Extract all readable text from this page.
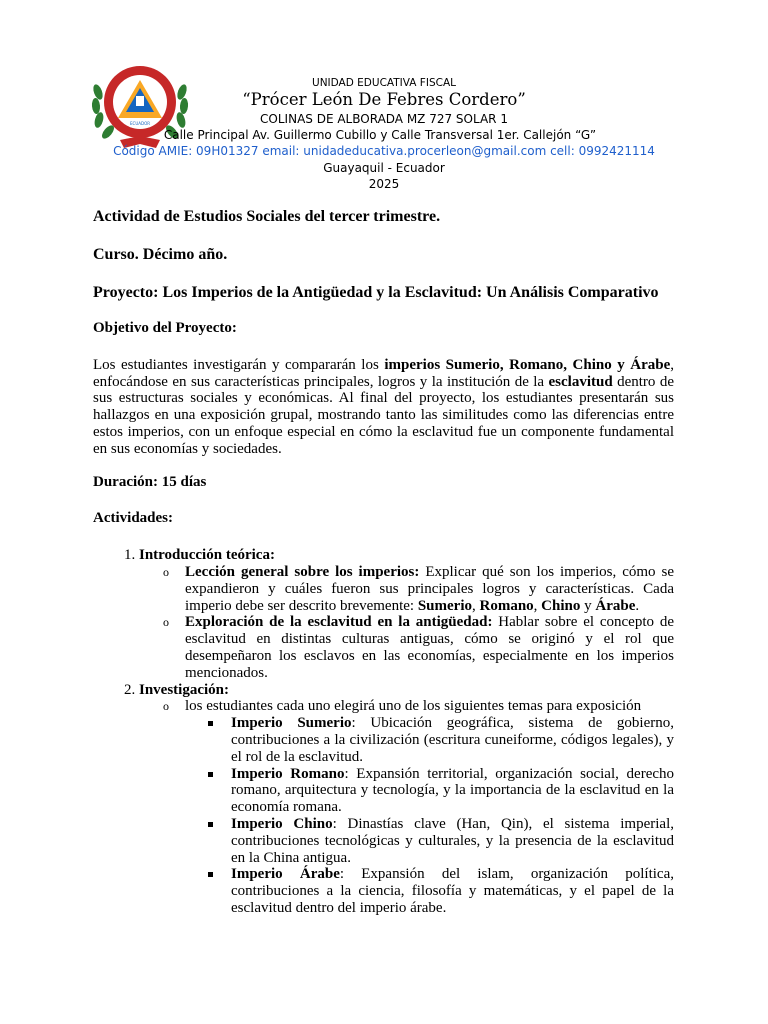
ECUADOR
UNIDAD EDUCATIVA FISCAL
“Prócer León De Febres Cordero”
COLINAS DE ALBORADA MZ 727 SOLAR 1
Calle Principal Av. Guillermo Cubillo y Calle Transversal 1er. Callejón “G”
Código AMIE: 09H01327 email: unidadeducativa.procerleon@gmail.com cell: 0992421114
Guayaquil - Ecuador
2025
Actividad de Estudios Sociales del tercer trimestre.
Curso. Décimo año.
Proyecto: Los Imperios de la Antigüedad y la Esclavitud: Un Análisis Comparativo
Objetivo del Proyecto:
Los estudiantes investigarán y compararán los imperios Sumerio, Romano, Chino y Árabe, enfocándose en sus características principales, logros y la institución de la esclavitud dentro de sus estructuras sociales y económicas. Al final del proyecto, los estudiantes presentarán sus hallazgos en una exposición grupal, mostrando tanto las similitudes como las diferencias entre estos imperios, con un enfoque especial en cómo la esclavitud fue un componente fundamental en sus economías y sociedades.
Duración: 15 días
Actividades:
1. Introducción teórica:
o Lección general sobre los imperios: Explicar qué son los imperios, cómo se expandieron y cuáles fueron sus principales logros y características. Cada imperio debe ser descrito brevemente: Sumerio, Romano, Chino y Árabe.
o Exploración de la esclavitud en la antigüedad: Hablar sobre el concepto de esclavitud en distintas culturas antiguas, cómo se originó y el rol que desempeñaron los esclavos en las economías, especialmente en los imperios mencionados.
2. Investigación:
o los estudiantes cada uno elegirá uno de los siguientes temas para exposición
Imperio Sumerio: Ubicación geográfica, sistema de gobierno, contribuciones a la civilización (escritura cuneiforme, códigos legales), y el rol de la esclavitud.
Imperio Romano: Expansión territorial, organización social, derecho romano, arquitectura y tecnología, y la importancia de la esclavitud en la economía romana.
Imperio Chino: Dinastías clave (Han, Qin), el sistema imperial, contribuciones tecnológicas y culturales, y la presencia de la esclavitud en la China antigua.
Imperio Árabe: Expansión del islam, organización política, contribuciones a la ciencia, filosofía y matemáticas, y el papel de la esclavitud dentro del imperio árabe.
